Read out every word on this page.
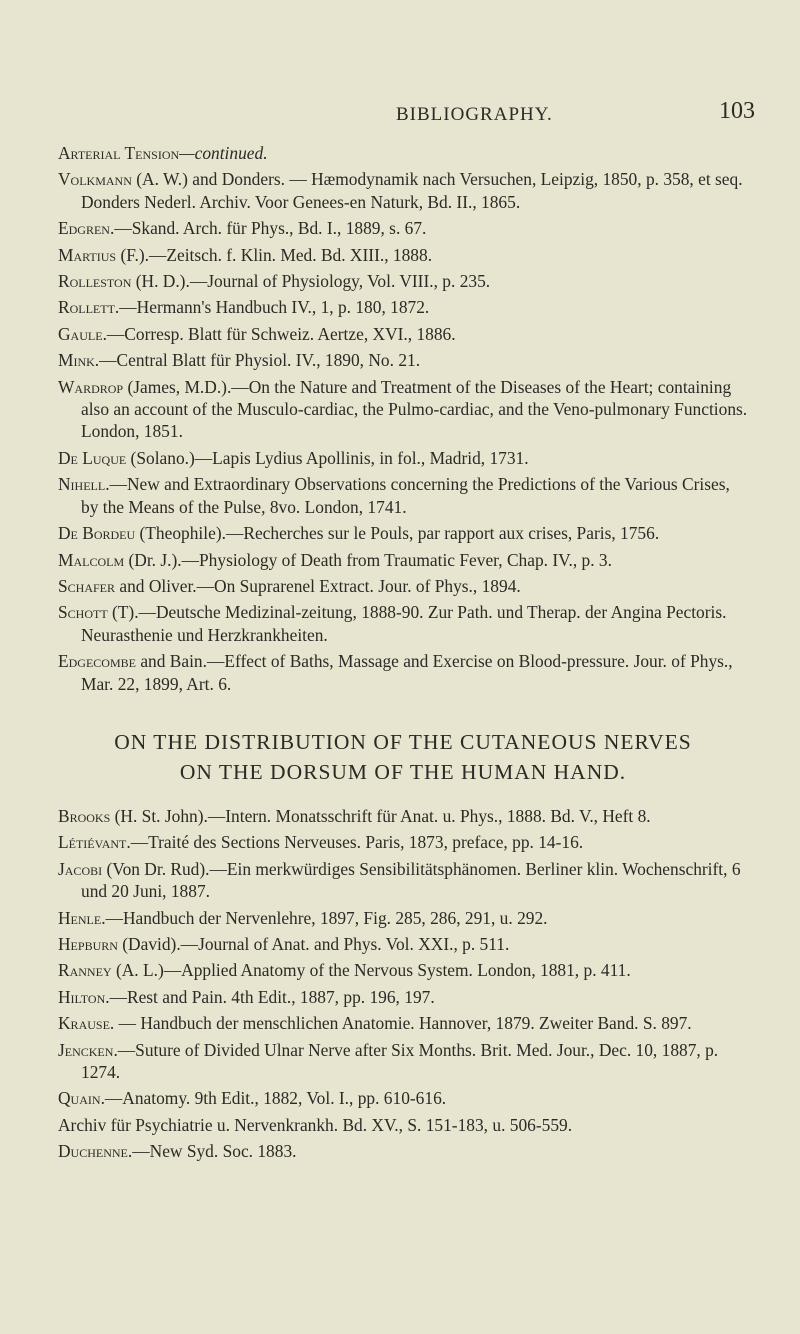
BIBLIOGRAPHY.	103
Arterial Tension—continued.
Volkmann (A. W.) and Donders. — Hæmodynamik nach Versuchen, Leipzig, 1850, p. 358, et seq. Donders Nederl. Archiv. Voor Genees-en Naturk, Bd. II., 1865.
Edgren.—Skand. Arch. für Phys., Bd. I., 1889, s. 67.
Martius (F.).—Zeitsch. f. Klin. Med. Bd. XIII., 1888.
Rolleston (H. D.).—Journal of Physiology, Vol. VIII., p. 235.
Rollett.—Hermann's Handbuch IV., 1, p. 180, 1872.
Gaule.—Corresp. Blatt für Schweiz. Aertze, XVI., 1886.
Mink.—Central Blatt für Physiol. IV., 1890, No. 21.
Wardrop (James, M.D.).—On the Nature and Treatment of the Diseases of the Heart; containing also an account of the Musculo-cardiac, the Pulmo-cardiac, and the Veno-pulmonary Functions. London, 1851.
De Luque (Solano.)—Lapis Lydius Apollinis, in fol., Madrid, 1731.
Nihell.—New and Extraordinary Observations concerning the Predictions of the Various Crises, by the Means of the Pulse, 8vo. London, 1741.
De Bordeu (Theophile).—Recherches sur le Pouls, par rapport aux crises, Paris, 1756.
Malcolm (Dr. J.).—Physiology of Death from Traumatic Fever, Chap. IV., p. 3.
Schafer and Oliver.—On Suprarenel Extract. Jour. of Phys., 1894.
Schott (T).—Deutsche Medizinal-zeitung, 1888-90. Zur Path. und Therap. der Angina Pectoris. Neurasthenie und Herzkrankheiten.
Edgecombe and Bain.—Effect of Baths, Massage and Exercise on Blood-pressure. Jour. of Phys., Mar. 22, 1899, Art. 6.
ON THE DISTRIBUTION OF THE CUTANEOUS NERVES
ON THE DORSUM OF THE HUMAN HAND.
Brooks (H. St. John).—Intern. Monatsschrift für Anat. u. Phys., 1888. Bd. V., Heft 8.
Létiévant.—Traité des Sections Nerveuses. Paris, 1873, preface, pp. 14-16.
Jacobi (Von Dr. Rud).—Ein merkwürdiges Sensibilitätsphänomen. Berliner klin. Wochenschrift, 6 und 20 Juni, 1887.
Henle.—Handbuch der Nervenlehre, 1897, Fig. 285, 286, 291, u. 292.
Hepburn (David).—Journal of Anat. and Phys. Vol. XXI., p. 511.
Ranney (A. L.)—Applied Anatomy of the Nervous System. London, 1881, p. 411.
Hilton.—Rest and Pain. 4th Edit., 1887, pp. 196, 197.
Krause. — Handbuch der menschlichen Anatomie. Hannover, 1879. Zweiter Band. S. 897.
Jencken.—Suture of Divided Ulnar Nerve after Six Months. Brit. Med. Jour., Dec. 10, 1887, p. 1274.
Quain.—Anatomy. 9th Edit., 1882, Vol. I., pp. 610-616.
Archiv für Psychiatrie u. Nervenkrankh. Bd. XV., S. 151-183, u. 506-559.
Duchenne.—New Syd. Soc. 1883.
